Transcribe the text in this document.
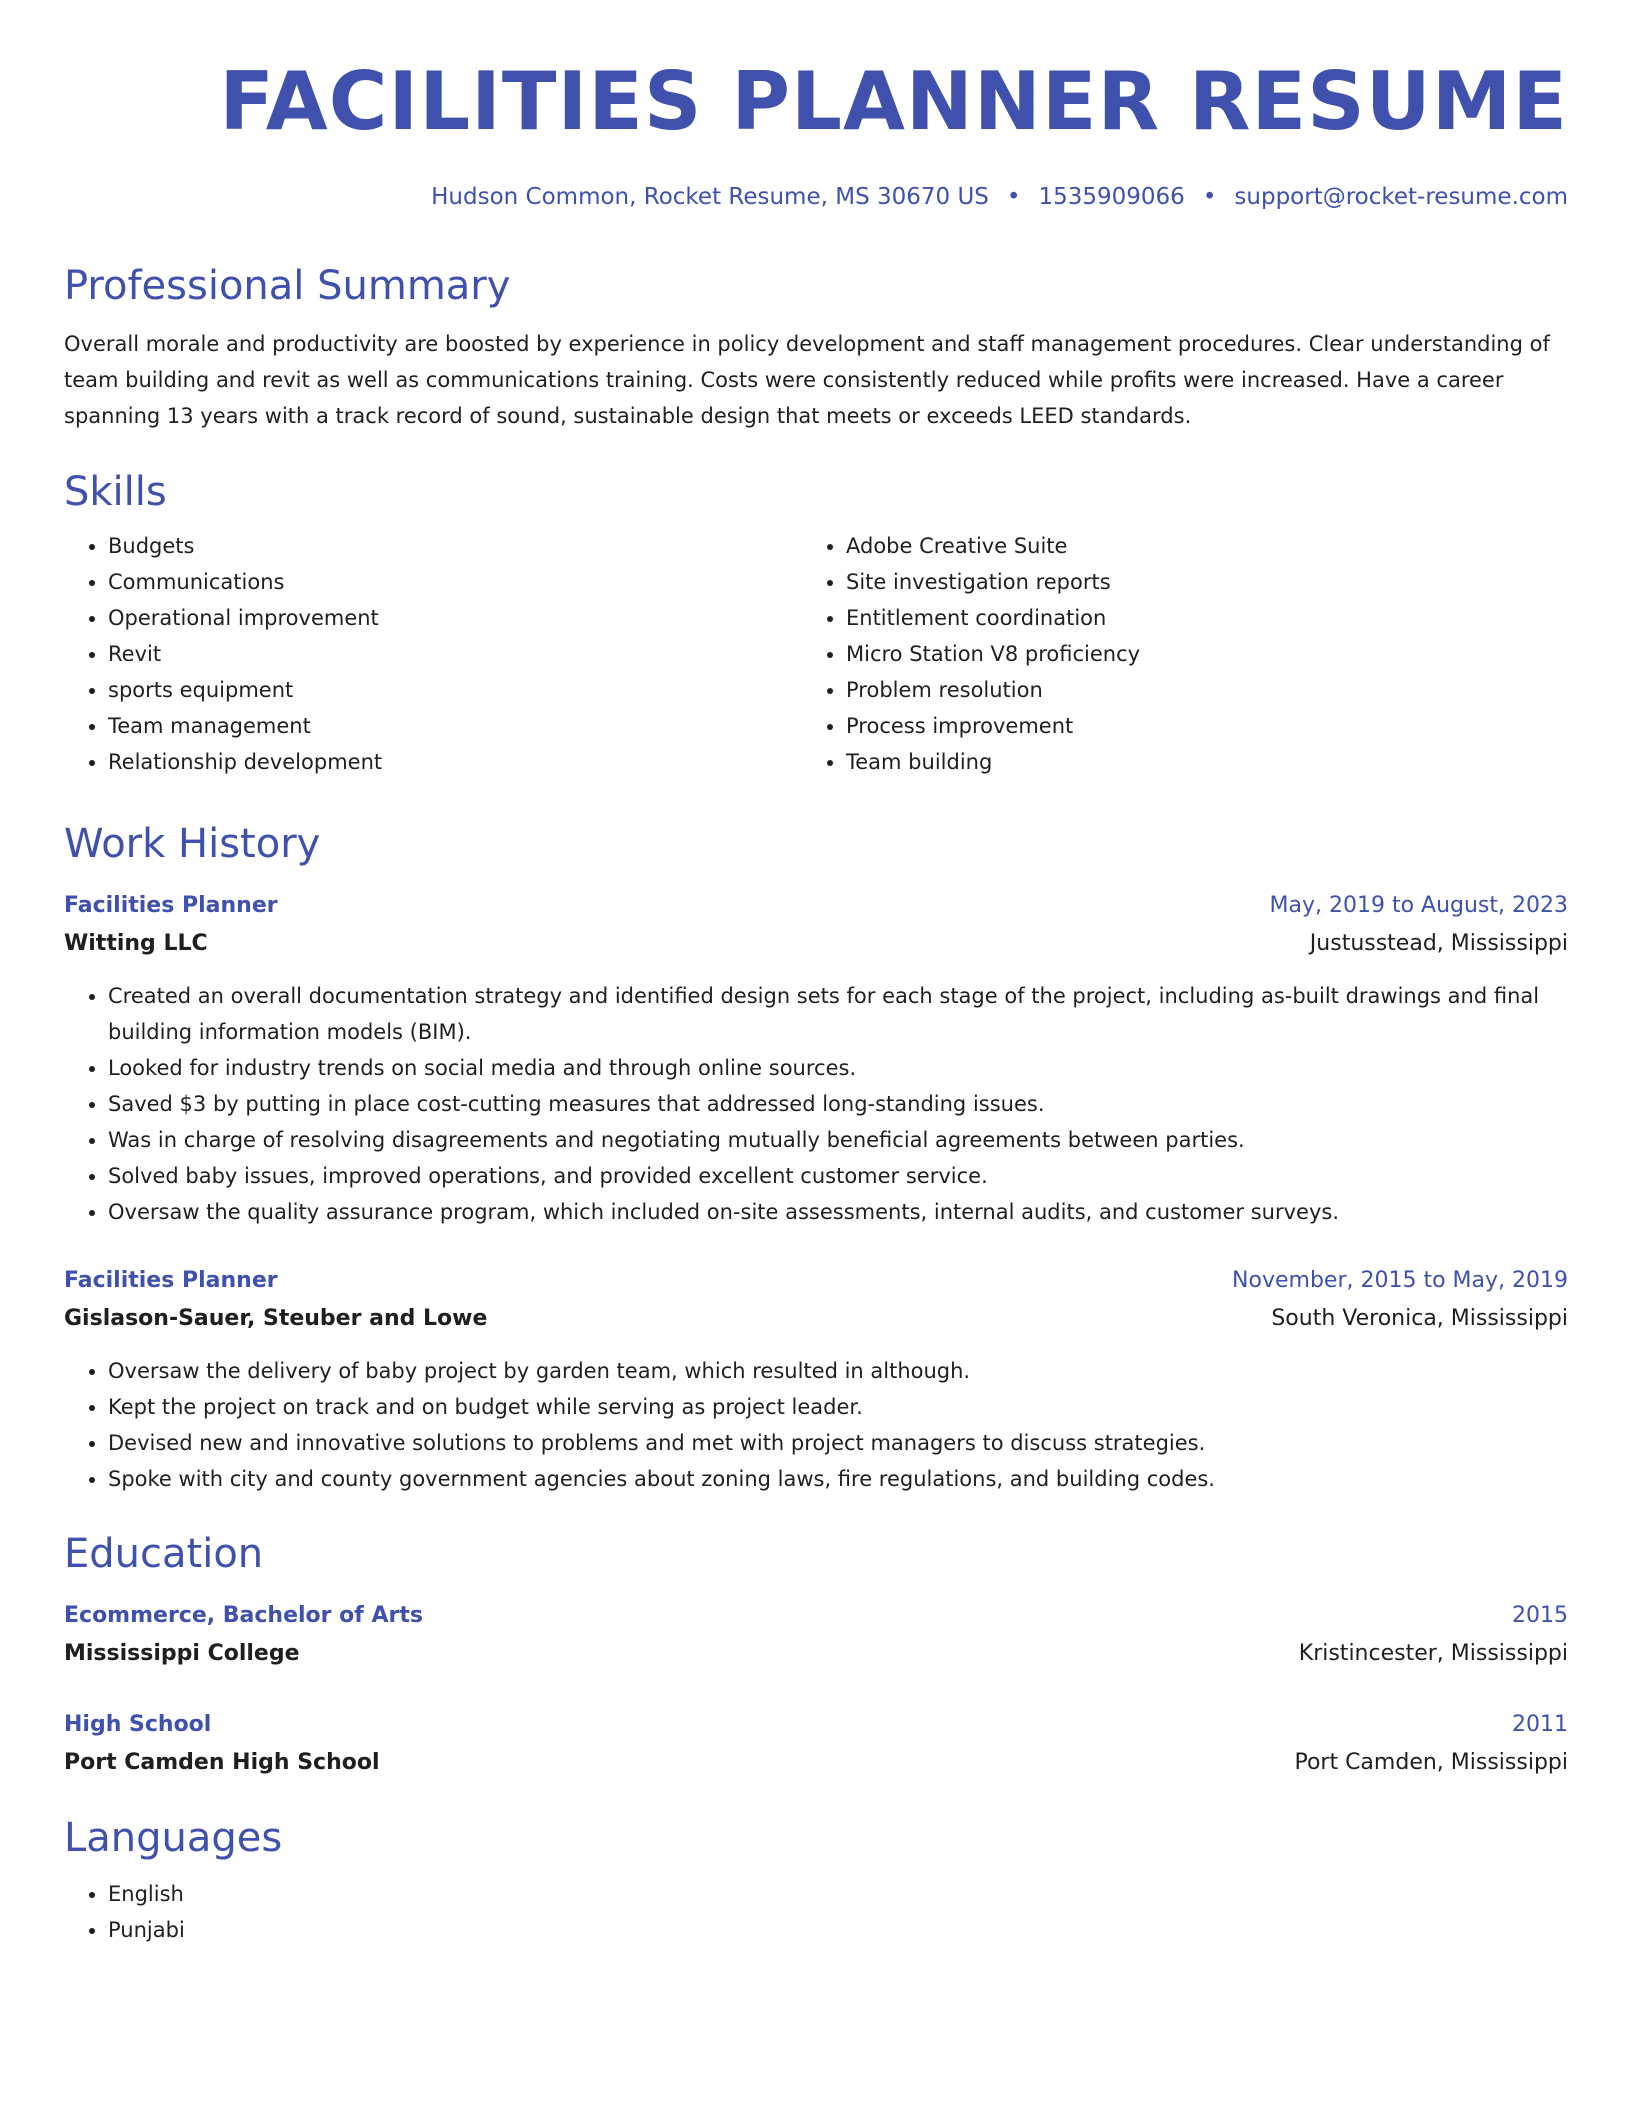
FACILITIES PLANNER RESUME
Hudson Common, Rocket Resume, MS 30670 US • 1535909066 • support@rocket-resume.com
Professional Summary

Overall morale and productivity are boosted by experience in policy development and staff management procedures. Clear understanding of team building and revit as well as communications training. Costs were consistently reduced while profits were increased. Have a career spanning 13 years with a track record of sound, sustainable design that meets or exceeds LEED standards.

Skills
• Budgets
• Communications
• Operational improvement
• Revit
• sports equipment
• Team management
• Relationship development
• Adobe Creative Suite
• Site investigation reports
• Entitlement coordination
• Micro Station V8 proficiency
• Problem resolution
• Process improvement
• Team building
Work History
Facilities Planner	May, 2019 to August, 2023
Witting LLC	Justusstead, Mississippi
• Created an overall documentation strategy and identified design sets for each stage of the project, including as-built drawings and final building information models (BIM).
• Looked for industry trends on social media and through online sources.
• Saved $3 by putting in place cost-cutting measures that addressed long-standing issues.
• Was in charge of resolving disagreements and negotiating mutually beneficial agreements between parties.
• Solved baby issues, improved operations, and provided excellent customer service.
• Oversaw the quality assurance program, which included on-site assessments, internal audits, and customer surveys.
Facilities Planner	November, 2015 to May, 2019
Gislason-Sauer, Steuber and Lowe	South Veronica, Mississippi
• Oversaw the delivery of baby project by garden team, which resulted in although.
• Kept the project on track and on budget while serving as project leader.
• Devised new and innovative solutions to problems and met with project managers to discuss strategies.
• Spoke with city and county government agencies about zoning laws, fire regulations, and building codes.
Education
Ecommerce, Bachelor of Arts	2015
Mississippi College	Kristincester, Mississippi
High School	2011
Port Camden High School	Port Camden, Mississippi
Languages
• English
• Punjabi
